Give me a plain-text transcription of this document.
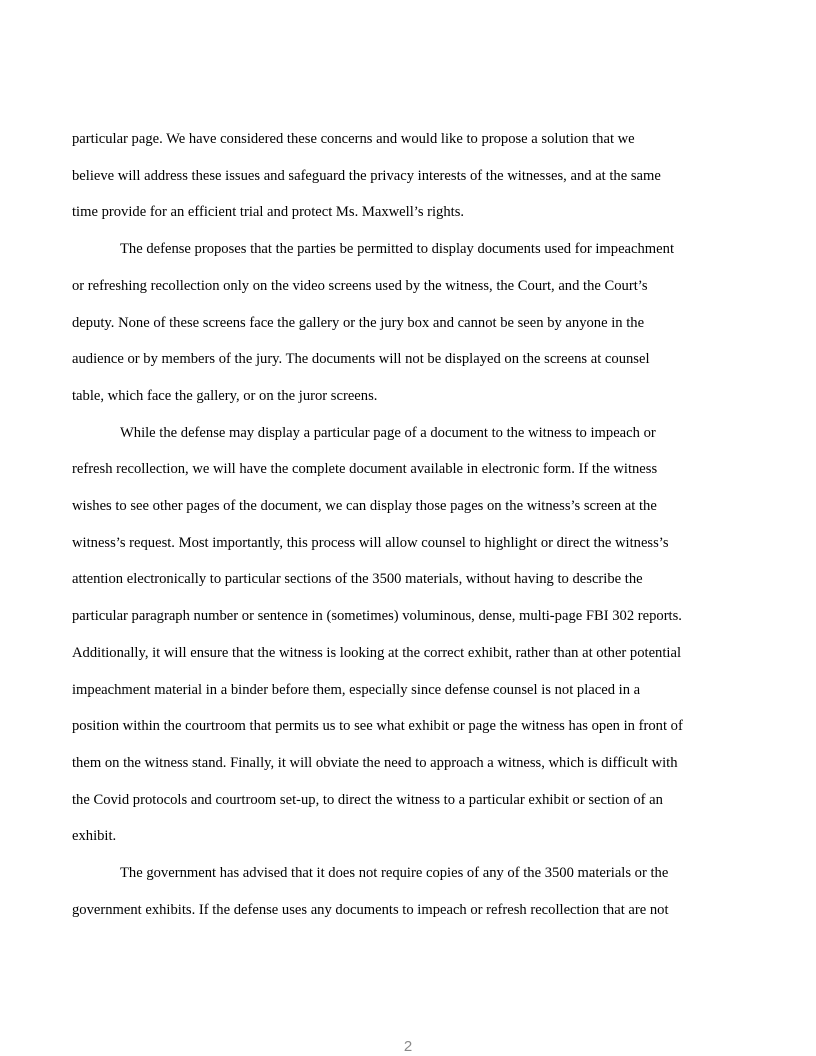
particular page. We have considered these concerns and would like to propose a solution that we
believe will address these issues and safeguard the privacy interests of the witnesses, and at the same
time provide for an efficient trial and protect Ms. Maxwell’s rights.

The defense proposes that the parties be permitted to display documents used for impeachment
or refreshing recollection only on the video screens used by the witness, the Court, and the Court’s
deputy. None of these screens face the gallery or the jury box and cannot be seen by anyone in the
audience or by members of the jury. The documents will not be displayed on the screens at counsel
table, which face the gallery, or on the juror screens.

While the defense may display a particular page of a document to the witness to impeach or
refresh recollection, we will have the complete document available in electronic form. If the witness
wishes to see other pages of the document, we can display those pages on the witness’s screen at the
witness’s request. Most importantly, this process will allow counsel to highlight or direct the witness’s
attention electronically to particular sections of the 3500 materials, without having to describe the
particular paragraph number or sentence in (sometimes) voluminous, dense, multi-page FBI 302 reports.
Additionally, it will ensure that the witness is looking at the correct exhibit, rather than at other potential
impeachment material in a binder before them, especially since defense counsel is not placed in a
position within the courtroom that permits us to see what exhibit or page the witness has open in front of
them on the witness stand. Finally, it will obviate the need to approach a witness, which is difficult with
the Covid protocols and courtroom set-up, to direct the witness to a particular exhibit or section of an
exhibit.

The government has advised that it does not require copies of any of the 3500 materials or the
government exhibits. If the defense uses any documents to impeach or refresh recollection that are not

2
